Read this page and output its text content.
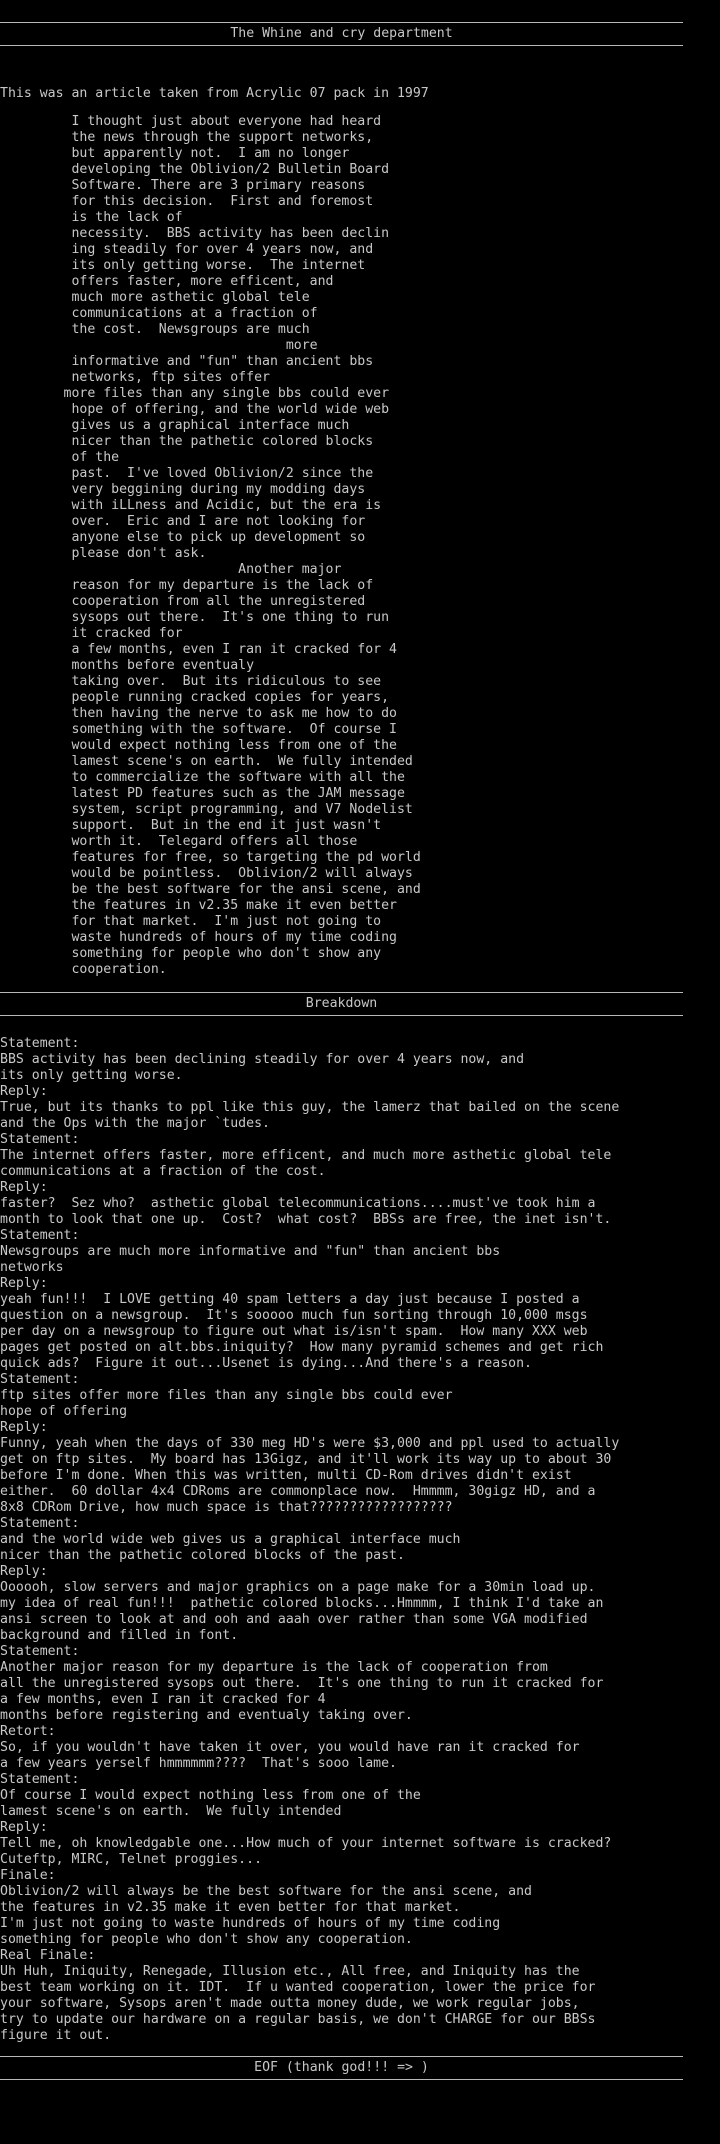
The Whine and cry department
This was an article taken from Acrylic 07 pack in 1997
I thought just about everyone had heard
the news through the support networks,
but apparently not.  I am no longer
developing the Oblivion/2 Bulletin Board
Software. There are 3 primary reasons
for this decision.  First and foremost
is the lack of
necessity.  BBS activity has been declin
ing steadily for over 4 years now, and
its only getting worse.  The internet
offers faster, more efficent, and
much more asthetic global tele
communications at a fraction of
the cost.  Newsgroups are much
more
informative and "fun" than ancient bbs
networks, ftp sites offer
more files than any single bbs could ever
hope of offering, and the world wide web
gives us a graphical interface much
nicer than the pathetic colored blocks
of the
past.  I've loved Oblivion/2 since the
very beggining during my modding days
with iLLness and Acidic, but the era is
over.  Eric and I are not looking for
anyone else to pick up development so
please don't ask.
Another major
reason for my departure is the lack of
cooperation from all the unregistered
sysops out there.  It's one thing to run
it cracked for
a few months, even I ran it cracked for 4
months before eventualy
taking over.  But its ridiculous to see
people running cracked copies for years,
then having the nerve to ask me how to do
something with the software.  Of course I
would expect nothing less from one of the
lamest scene's on earth.  We fully intended
to commercialize the software with all the
latest PD features such as the JAM message
system, script programming, and V7 Nodelist
support.  But in the end it just wasn't
worth it.  Telegard offers all those
features for free, so targeting the pd world
would be pointless.  Oblivion/2 will always
be the best software for the ansi scene, and
the features in v2.35 make it even better
for that market.  I'm just not going to
waste hundreds of hours of my time coding
something for people who don't show any
cooperation.
Breakdown
Statement:
BBS activity has been declining steadily for over 4 years now, and
its only getting worse.
Reply:
True, but its thanks to ppl like this guy, the lamerz that bailed on the scene
and the Ops with the major `tudes.
Statement:
The internet offers faster, more efficent, and much more asthetic global tele
communications at a fraction of the cost.
Reply:
faster?  Sez who?  asthetic global telecommunications....must've took him a
month to look that one up.  Cost?  what cost?  BBSs are free, the inet isn't.
Statement:
Newsgroups are much more informative and "fun" than ancient bbs
networks
Reply:
yeah fun!!!  I LOVE getting 40 spam letters a day just because I posted a
question on a newsgroup.  It's sooooo much fun sorting through 10,000 msgs
per day on a newsgroup to figure out what is/isn't spam.  How many XXX web
pages get posted on alt.bbs.iniquity?  How many pyramid schemes and get rich
quick ads?  Figure it out...Usenet is dying...And there's a reason.
Statement:
ftp sites offer more files than any single bbs could ever
hope of offering
Reply:
Funny, yeah when the days of 330 meg HD's were $3,000 and ppl used to actually
get on ftp sites.  My board has 13Gigz, and it'll work its way up to about 30
before I'm done. When this was written, multi CD-Rom drives didn't exist
either.  60 dollar 4x4 CDRoms are commonplace now.  Hmmmm, 30gigz HD, and a
8x8 CDRom Drive, how much space is that??????????????????
Statement:
and the world wide web gives us a graphical interface much
nicer than the pathetic colored blocks of the past.
Reply:
Oooooh, slow servers and major graphics on a page make for a 30min load up.
my idea of real fun!!!  pathetic colored blocks...Hmmmm, I think I'd take an
ansi screen to look at and ooh and aaah over rather than some VGA modified
background and filled in font.
Statement:
Another major reason for my departure is the lack of cooperation from
all the unregistered sysops out there.  It's one thing to run it cracked for
a few months, even I ran it cracked for 4
months before registering and eventualy taking over.
Retort:
So, if you wouldn't have taken it over, you would have ran it cracked for
a few years yerself hmmmmmm????  That's sooo lame.
Statement:
Of course I would expect nothing less from one of the
lamest scene's on earth.  We fully intended
Reply:
Tell me, oh knowledgable one...How much of your internet software is cracked?
Cuteftp, MIRC, Telnet proggies...
Finale:
Oblivion/2 will always be the best software for the ansi scene, and
the features in v2.35 make it even better for that market.
I'm just not going to waste hundreds of hours of my time coding
something for people who don't show any cooperation.
Real Finale:
Uh Huh, Iniquity, Renegade, Illusion etc., All free, and Iniquity has the
best team working on it. IDT.  If u wanted cooperation, lower the price for
your software, Sysops aren't made outta money dude, we work regular jobs,
try to update our hardware on a regular basis, we don't CHARGE for our BBSs
figure it out.
EOF (thank god!!! => )
